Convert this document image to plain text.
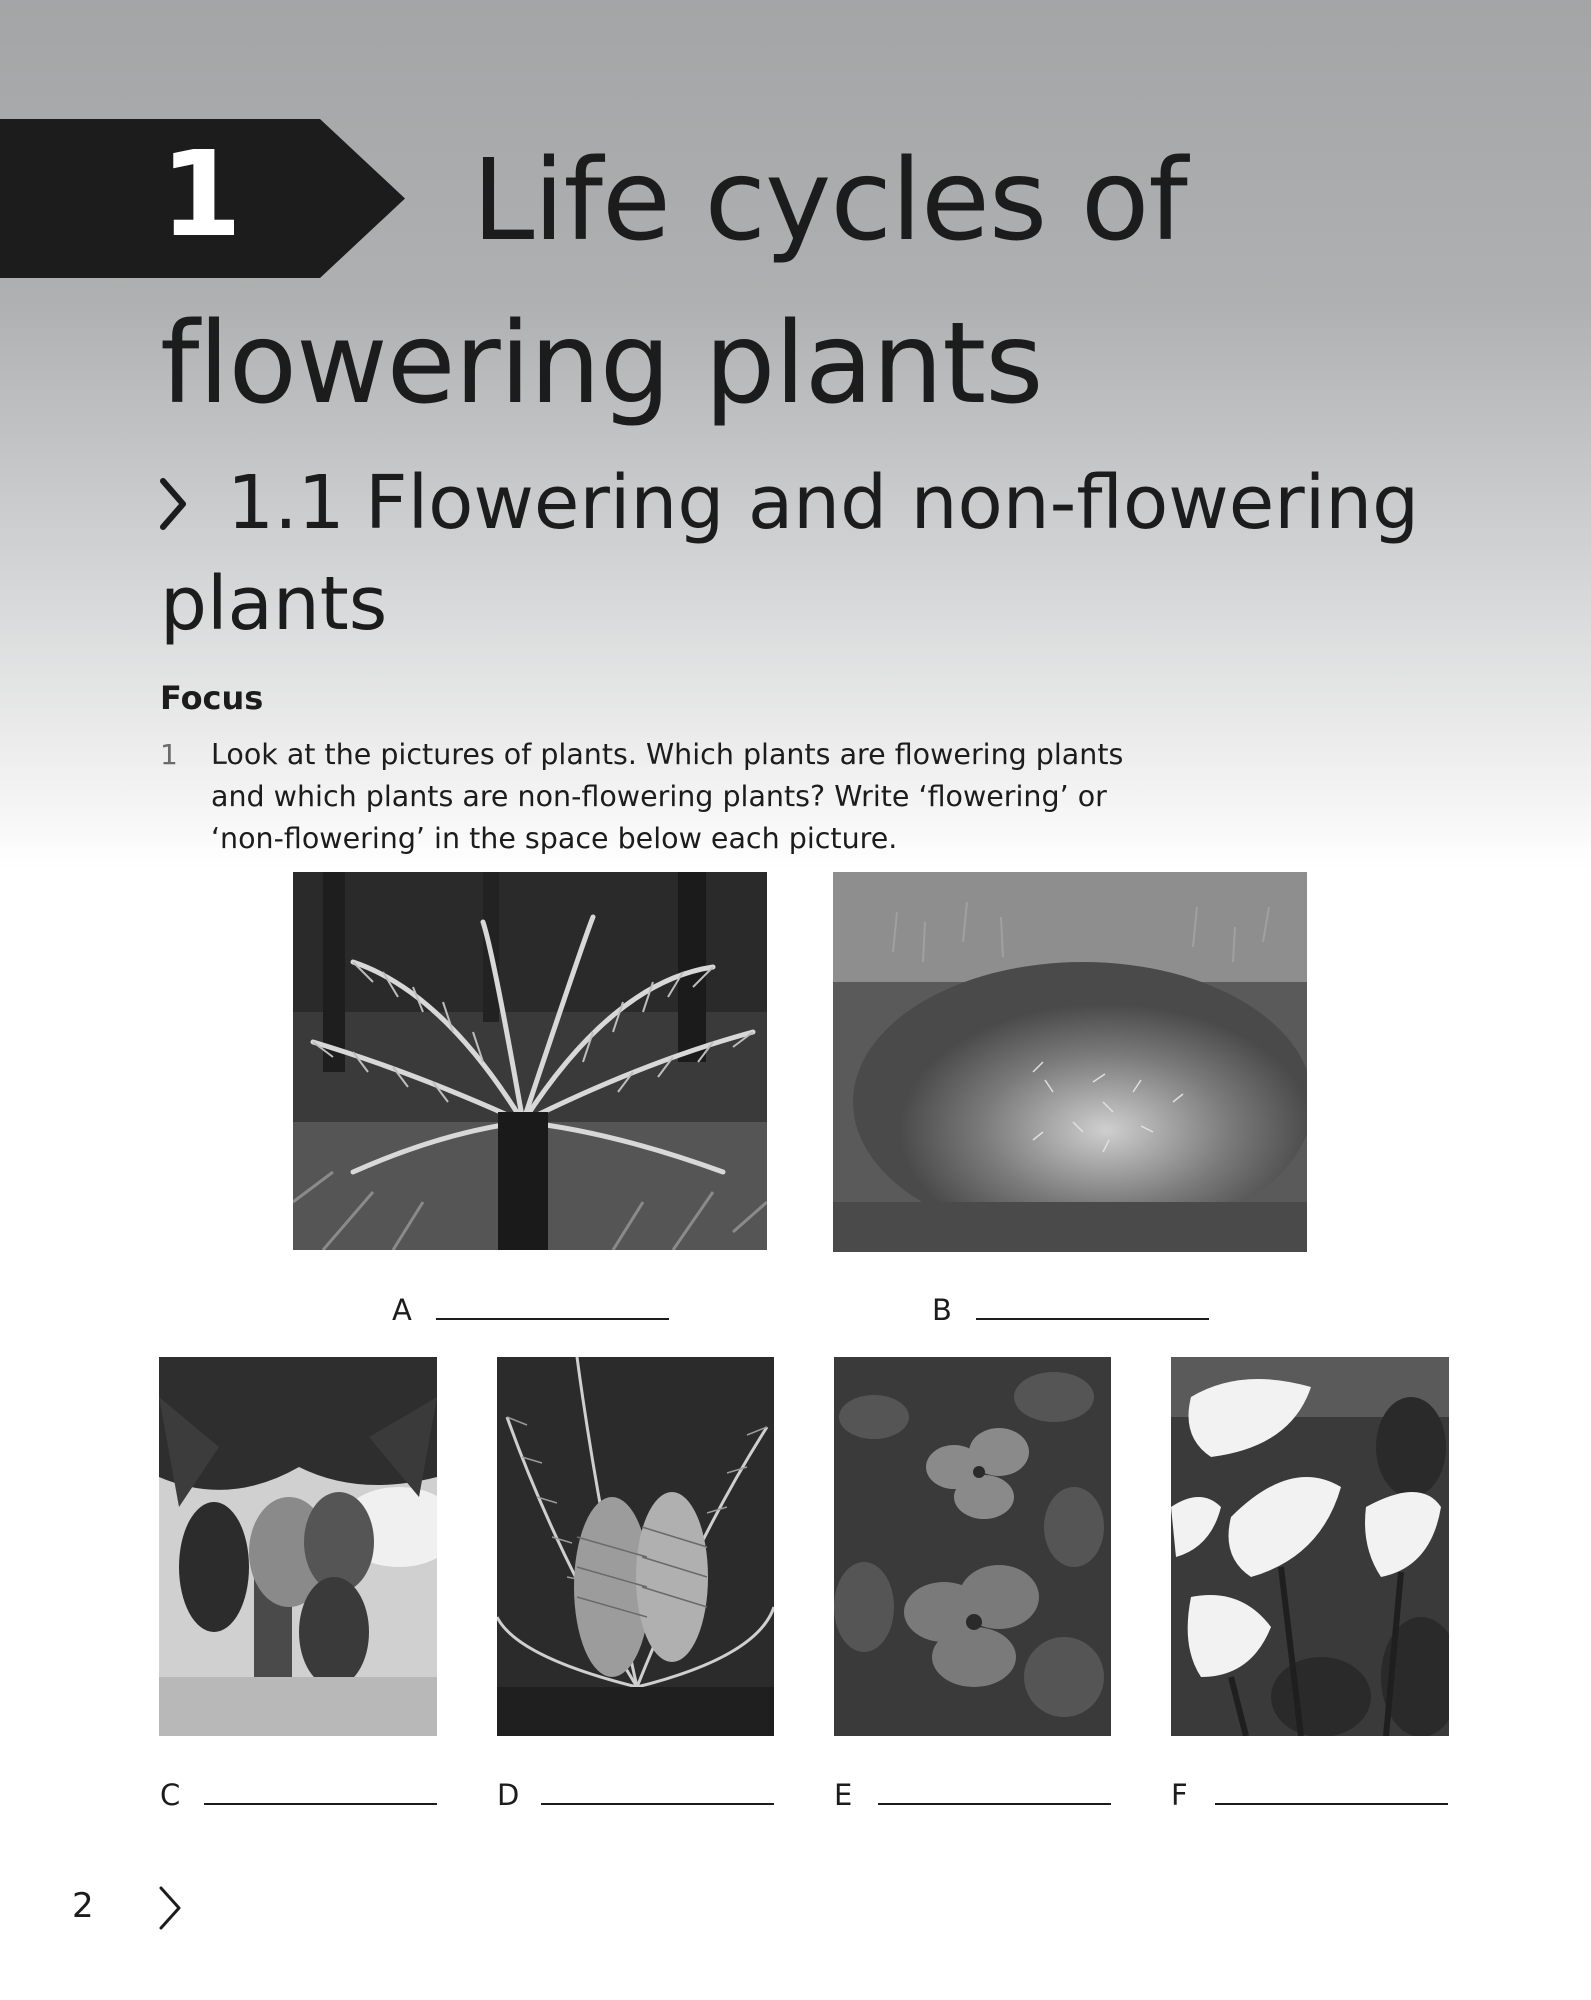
1 Life cycles of
flowering plants
1.1 Flowering and non-flowering
plants
Focus
1 Look at the pictures of plants. Which plants are flowering plants
and which plants are non-flowering plants? Write ‘flowering’ or
‘non-flowering’ in the space below each picture.
A	B
C	D	E	F
2
